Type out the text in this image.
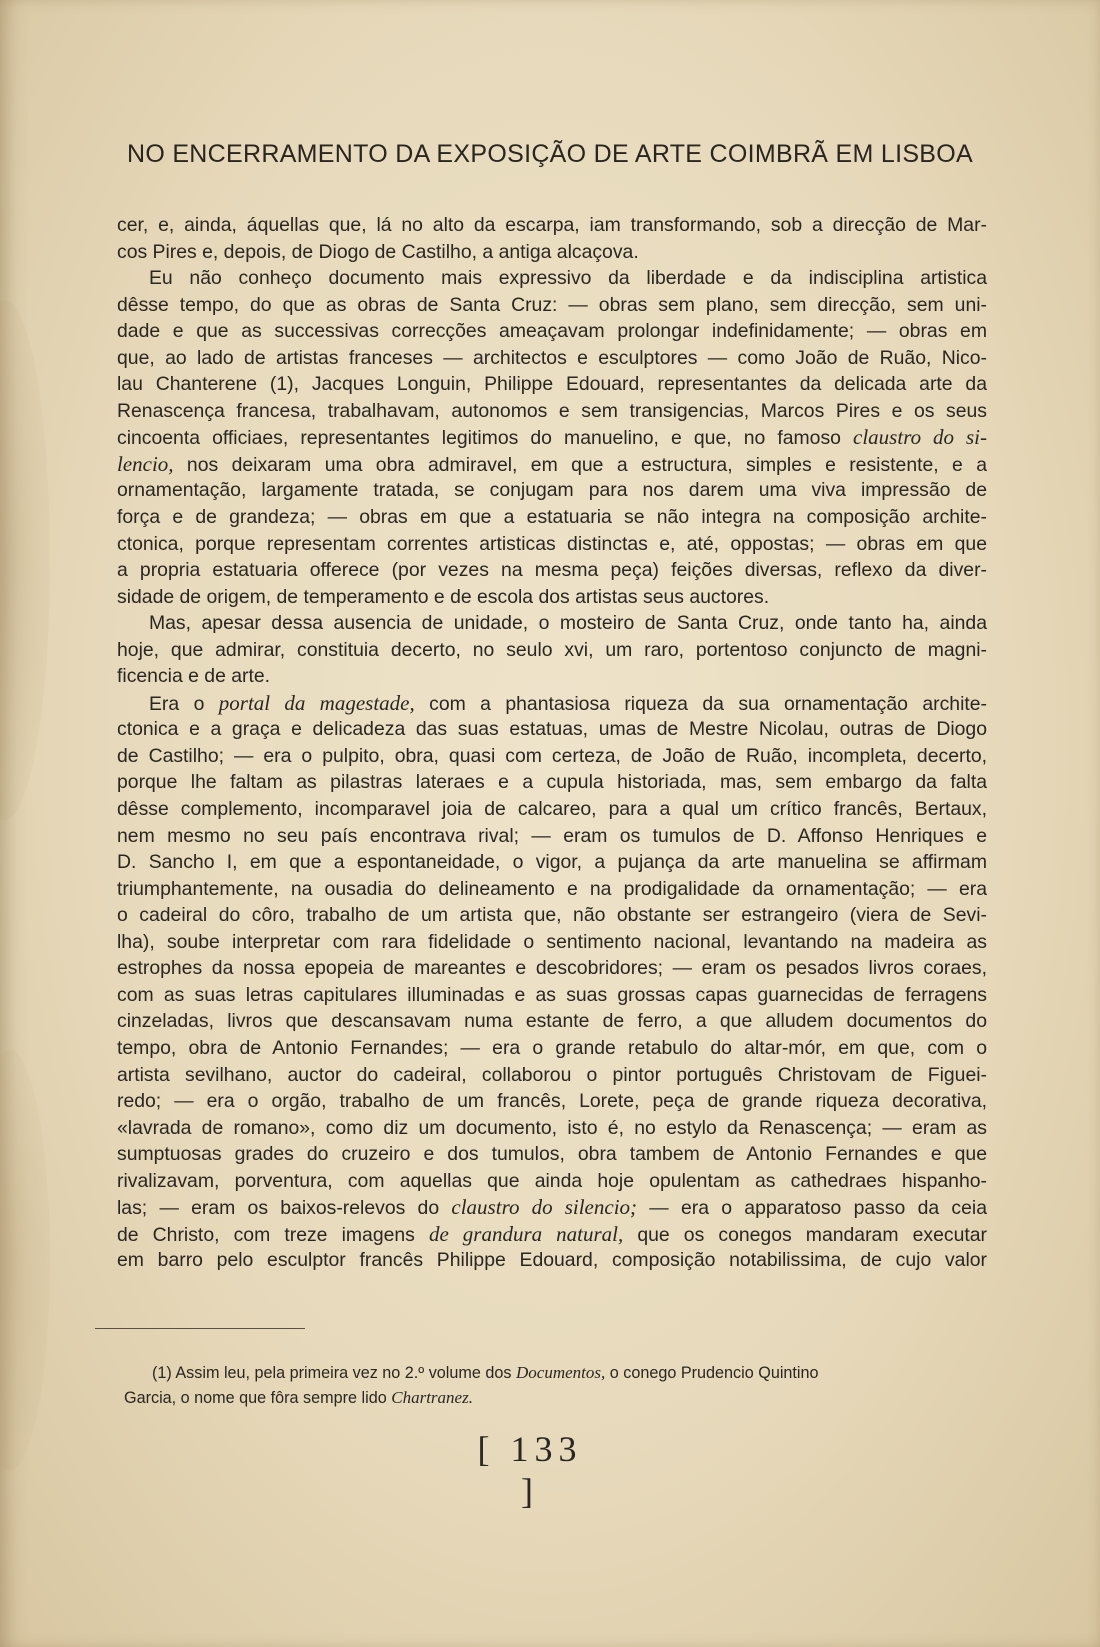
NO ENCERRAMENTO DA EXPOSIÇÃO DE ARTE COIMBRÃ EM LISBOA
cer, e, ainda, áquellas que, lá no alto da escarpa, iam transformando, sob a direcção de Mar-
cos Pires e, depois, de Diogo de Castilho, a antiga alcaçova.
Eu não conheço documento mais expressivo da liberdade e da indisciplina artistica
dêsse tempo, do que as obras de Santa Cruz: — obras sem plano, sem direcção, sem uni-
dade e que as successivas correcções ameaçavam prolongar indefinidamente; — obras em
que, ao lado de artistas franceses — architectos e esculptores — como João de Ruão, Nico-
lau Chanterene (1), Jacques Longuin, Philippe Edouard, representantes da delicada arte da
Renascença francesa, trabalhavam, autonomos e sem transigencias, Marcos Pires e os seus
cincoenta officiaes, representantes legitimos do manuelino, e que, no famoso claustro do si-
lencio, nos deixaram uma obra admiravel, em que a estructura, simples e resistente, e a
ornamentação, largamente tratada, se conjugam para nos darem uma viva impressão de
força e de grandeza; — obras em que a estatuaria se não integra na composição archite-
ctonica, porque representam correntes artisticas distinctas e, até, oppostas; — obras em que
a propria estatuaria offerece (por vezes na mesma peça) feições diversas, reflexo da diver-
sidade de origem, de temperamento e de escola dos artistas seus auctores.
Mas, apesar dessa ausencia de unidade, o mosteiro de Santa Cruz, onde tanto ha, ainda
hoje, que admirar, constituia decerto, no seulo xvi, um raro, portentoso conjuncto de magni-
ficencia e de arte.
Era o portal da magestade, com a phantasiosa riqueza da sua ornamentação archite-
ctonica e a graça e delicadeza das suas estatuas, umas de Mestre Nicolau, outras de Diogo
de Castilho; — era o pulpito, obra, quasi com certeza, de João de Ruão, incompleta, decerto,
porque lhe faltam as pilastras lateraes e a cupula historiada, mas, sem embargo da falta
dêsse complemento, incomparavel joia de calcareo, para a qual um crítico francês, Bertaux,
nem mesmo no seu país encontrava rival; — eram os tumulos de D. Affonso Henriques e
D. Sancho I, em que a espontaneidade, o vigor, a pujança da arte manuelina se affirmam
triumphantemente, na ousadia do delineamento e na prodigalidade da ornamentação; — era
o cadeiral do côro, trabalho de um artista que, não obstante ser estrangeiro (viera de Sevi-
lha), soube interpretar com rara fidelidade o sentimento nacional, levantando na madeira as
estrophes da nossa epopeia de mareantes e descobridores; — eram os pesados livros coraes,
com as suas letras capitulares illuminadas e as suas grossas capas guarnecidas de ferragens
cinzeladas, livros que descansavam numa estante de ferro, a que alludem documentos do
tempo, obra de Antonio Fernandes; — era o grande retabulo do altar-mór, em que, com o
artista sevilhano, auctor do cadeiral, collaborou o pintor português Christovam de Figuei-
redo; — era o orgão, trabalho de um francês, Lorete, peça de grande riqueza decorativa,
«lavrada de romano», como diz um documento, isto é, no estylo da Renascença; — eram as
sumptuosas grades do cruzeiro e dos tumulos, obra tambem de Antonio Fernandes e que
rivalizavam, porventura, com aquellas que ainda hoje opulentam as cathedraes hispanho-
las; — eram os baixos-relevos do claustro do silencio; — era o apparatoso passo da ceia
de Christo, com treze imagens de grandura natural, que os conegos mandaram executar
em barro pelo esculptor francês Philippe Edouard, composição notabilissima, de cujo valor
(1) Assim leu, pela primeira vez no 2.º volume dos Documentos, o conego Prudencio Quintino
Garcia, o nome que fôra sempre lido Chartranez.
[ 133 ]
